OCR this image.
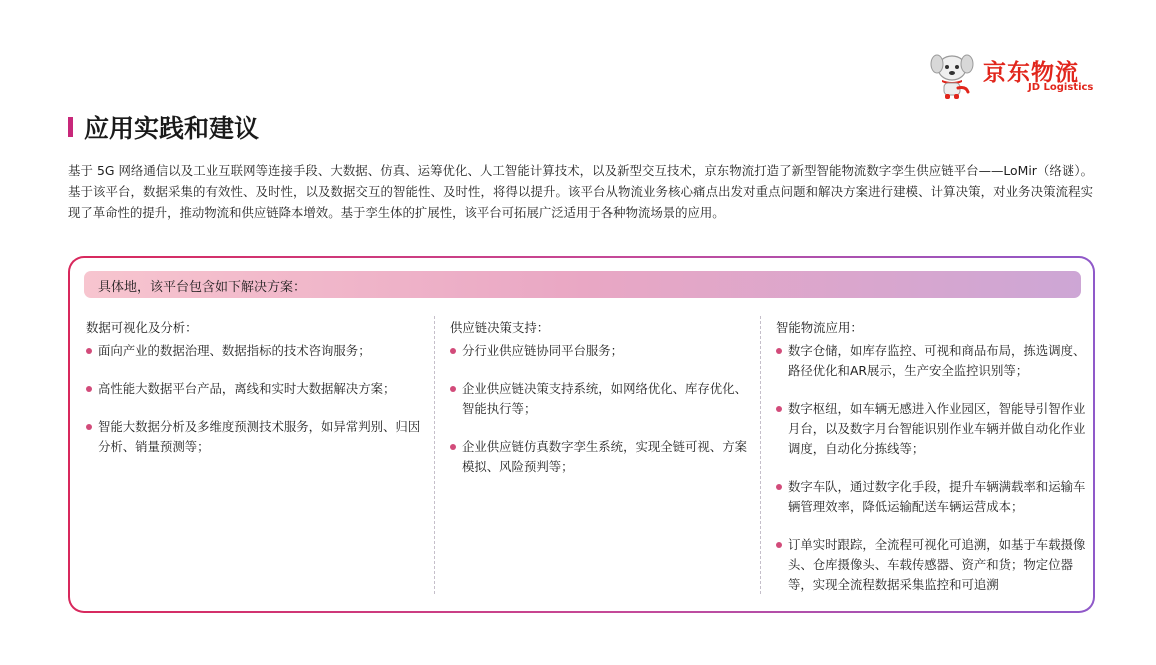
京东物流
JD Logistics
应用实践和建议

基于 5G 网络通信以及工业互联网等连接手段、大数据、仿真、运筹优化、人工智能计算技术，以及新型交互技术，京东物流打造了新型智能物流数字孪生供应链平台——LoMir（络谜）。基于该平台，数据采集的有效性、及时性，以及数据交互的智能性、及时性，将得以提升。该平台从物流业务核心痛点出发对重点问题和解决方案进行建模、计算决策，对业务决策流程实现了革命性的提升，推动物流和供应链降本增效。基于孪生体的扩展性，该平台可拓展广泛适用于各种物流场景的应用。

具体地，该平台包含如下解决方案：

数据可视化及分析：

面向产业的数据治理、数据指标的技术咨询服务；
高性能大数据平台产品，离线和实时大数据解决方案；
智能大数据分析及多维度预测技术服务，如异常判别、归因分析、销量预测等；

供应链决策支持：

分行业供应链协同平台服务；
企业供应链决策支持系统，如网络优化、库存优化、智能执行等；
企业供应链仿真数字孪生系统，实现全链可视、方案模拟、风险预判等；

智能物流应用：

数字仓储，如库存监控、可视和商品布局，拣选调度、路径优化和AR展示，生产安全监控识别等；
数字枢纽，如车辆无感进入作业园区，智能导引智作业月台，以及数字月台智能识别作业车辆并做自动化作业调度，自动化分拣线等；
数字车队，通过数字化手段，提升车辆满载率和运输车辆管理效率，降低运输配送车辆运营成本；
订单实时跟踪，全流程可视化可追溯，如基于车载摄像头、仓库摄像头、车载传感器、资产和货；物定位器等，实现全流程数据采集监控和可追溯
